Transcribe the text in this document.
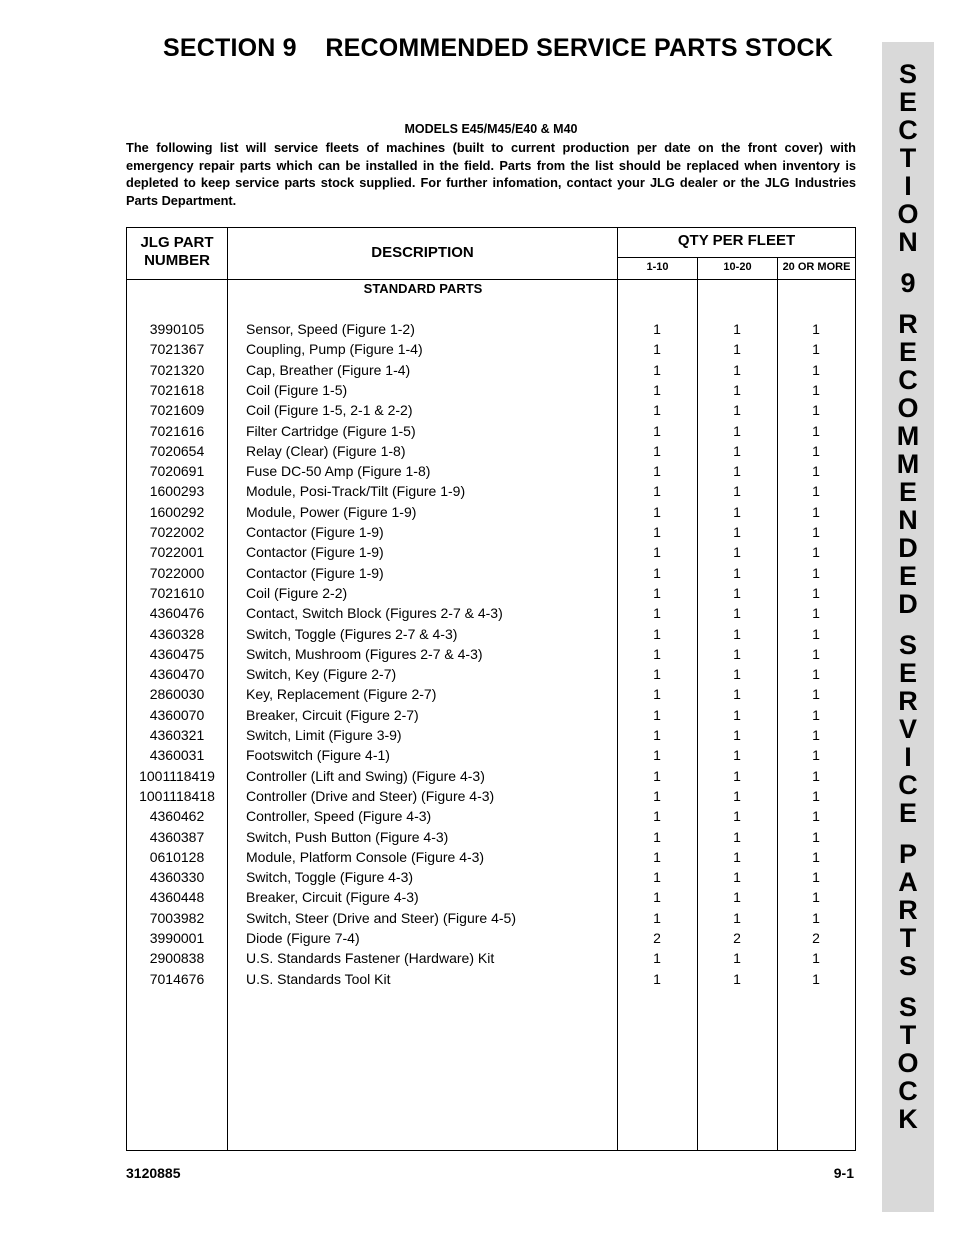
SECTION 9    RECOMMENDED SERVICE PARTS STOCK
S
E
C
T
I
O
N
9
R
E
C
O
M
M
E
N
D
E
D
S
E
R
V
I
C
E
P
A
R
T
S
S
T
O
C
K
MODELS E45/M45/E40 & M40
The following list will service fleets of machines (built to current production per date on the front cover) with emergency repair parts which can be installed in the field. Parts from the list should be replaced when inventory is depleted to keep service parts stock supplied. For further infomation, contact your JLG dealer or the JLG Industries Parts Department.
JLG PART
NUMBER	DESCRIPTION
QTY PER FLEET
1-10	10-20	20 OR MORE
STANDARD PARTS
3990105	Sensor, Speed (Figure 1-2)	1	1	1
7021367	Coupling, Pump (Figure 1-4)	1	1	1
7021320	Cap, Breather (Figure 1-4)	1	1	1
7021618	Coil (Figure 1-5)	1	1	1
7021609	Coil (Figure 1-5, 2-1 & 2-2)	1	1	1
7021616	Filter Cartridge (Figure 1-5)	1	1	1
7020654	Relay (Clear) (Figure 1-8)	1	1	1
7020691	Fuse DC-50 Amp (Figure 1-8)	1	1	1
1600293	Module, Posi-Track/Tilt (Figure 1-9)	1	1	1
1600292	Module, Power (Figure 1-9)	1	1	1
7022002	Contactor (Figure 1-9)	1	1	1
7022001	Contactor (Figure 1-9)	1	1	1
7022000	Contactor (Figure 1-9)	1	1	1
7021610	Coil (Figure 2-2)	1	1	1
4360476	Contact, Switch Block (Figures 2-7 & 4-3)	1	1	1
4360328	Switch, Toggle (Figures 2-7 & 4-3)	1	1	1
4360475	Switch, Mushroom (Figures 2-7 & 4-3)	1	1	1
4360470	Switch, Key (Figure 2-7)	1	1	1
2860030	Key, Replacement (Figure 2-7)	1	1	1
4360070	Breaker, Circuit (Figure 2-7)	1	1	1
4360321	Switch, Limit (Figure 3-9)	1	1	1
4360031	Footswitch (Figure 4-1)	1	1	1
1001118419	Controller (Lift and Swing) (Figure 4-3)	1	1	1
1001118418	Controller (Drive and Steer) (Figure 4-3)	1	1	1
4360462	Controller, Speed (Figure 4-3)	1	1	1
4360387	Switch, Push Button (Figure 4-3)	1	1	1
0610128	Module, Platform Console (Figure 4-3)	1	1	1
4360330	Switch, Toggle (Figure 4-3)	1	1	1
4360448	Breaker, Circuit (Figure 4-3)	1	1	1
7003982	Switch, Steer (Drive and Steer) (Figure 4-5)	1	1	1
3990001	Diode (Figure 7-4)	2	2	2
2900838	U.S. Standards Fastener (Hardware) Kit	1	1	1
7014676	U.S. Standards Tool Kit	1	1	1
3120885	9-1
